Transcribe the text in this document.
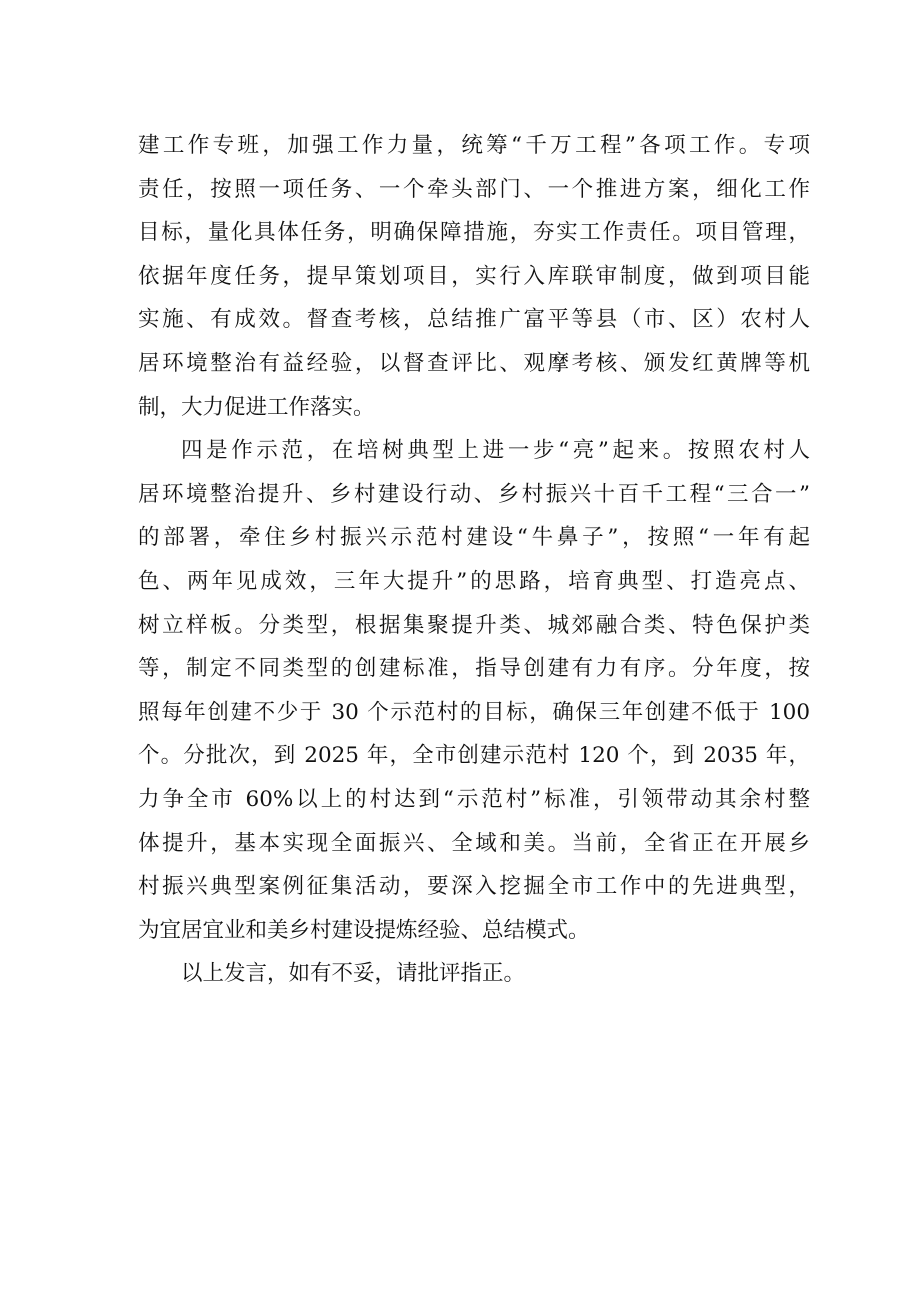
建工作专班，加强工作力量，统筹“千万工程”各项工作。专项
责任，按照一项任务、一个牵头部门、一个推进方案，细化工作
目标，量化具体任务，明确保障措施，夯实工作责任。项目管理，
依据年度任务，提早策划项目，实行入库联审制度，做到项目能
实施、有成效。督查考核，总结推广富平等县（市、区）农村人
居环境整治有益经验，以督查评比、观摩考核、颁发红黄牌等机
制，大力促进工作落实。
四是作示范，在培树典型上进一步“亮”起来。按照农村人
居环境整治提升、乡村建设行动、乡村振兴十百千工程“三合一”
的部署，牵住乡村振兴示范村建设“牛鼻子”，按照“一年有起
色、两年见成效，三年大提升”的思路，培育典型、打造亮点、
树立样板。分类型，根据集聚提升类、城郊融合类、特色保护类
等，制定不同类型的创建标准，指导创建有力有序。分年度，按
照每年创建不少于 30 个示范村的目标，确保三年创建不低于 100
个。分批次，到 2025 年，全市创建示范村 120 个，到 2035 年，
力争全市 60%以上的村达到“示范村”标准，引领带动其余村整
体提升，基本实现全面振兴、全域和美。当前，全省正在开展乡
村振兴典型案例征集活动，要深入挖掘全市工作中的先进典型，
为宜居宜业和美乡村建设提炼经验、总结模式。
以上发言，如有不妥，请批评指正。
